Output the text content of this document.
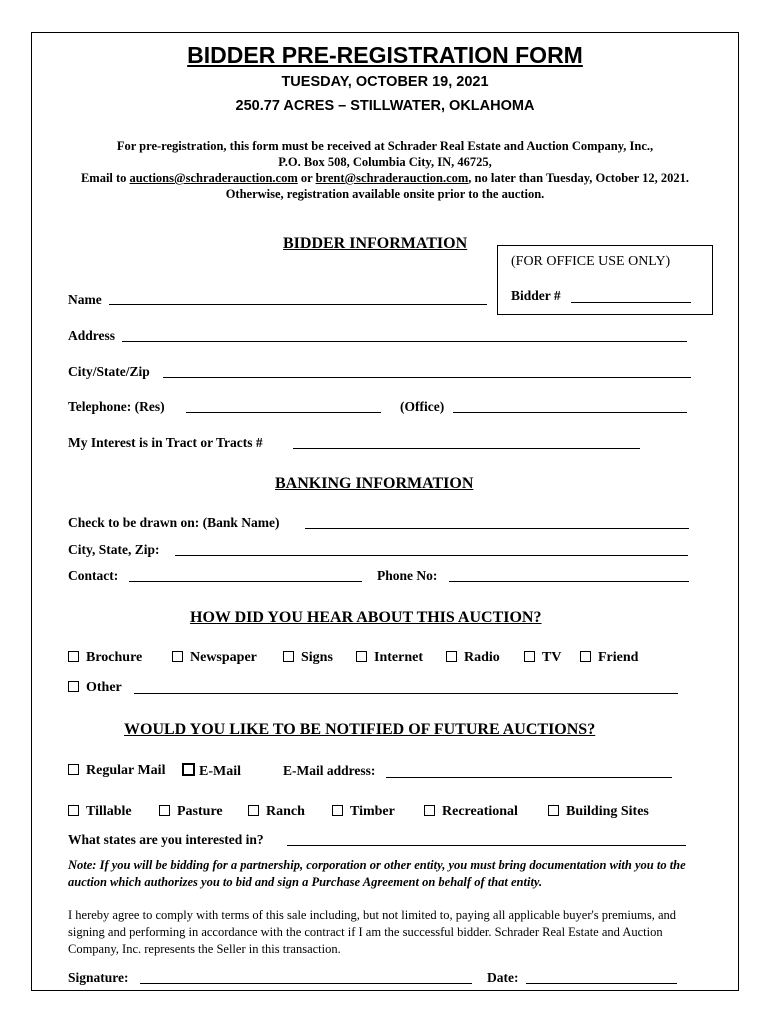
BIDDER PRE-REGISTRATION FORM
TUESDAY, OCTOBER 19, 2021
250.77 ACRES – STILLWATER, OKLAHOMA
For pre-registration, this form must be received at Schrader Real Estate and Auction Company, Inc.,
P.O. Box 508, Columbia City, IN, 46725,
Email to auctions@schraderauction.com or brent@schraderauction.com, no later than Tuesday, October 12, 2021.
Otherwise, registration available onsite prior to the auction.
BIDDER INFORMATION
(FOR OFFICE USE ONLY)
Bidder #
Name
Address
City/State/Zip
Telephone: (Res)	(Office)
My Interest is in Tract or Tracts #
BANKING INFORMATION
Check to be drawn on: (Bank Name)
City, State, Zip:
Contact:	Phone No:
HOW DID YOU HEAR ABOUT THIS AUCTION?
Brochure	Newspaper	Signs	Internet	Radio	TV	Friend
Other
WOULD YOU LIKE TO BE NOTIFIED OF FUTURE AUCTIONS?
Regular Mail	E-Mail	E-Mail address:
Tillable	Pasture	Ranch	Timber	Recreational	Building Sites
What states are you interested in?
Note: If you will be bidding for a partnership, corporation or other entity, you must bring documentation with you to the auction which authorizes you to bid and sign a Purchase Agreement on behalf of that entity.
I hereby agree to comply with terms of this sale including, but not limited to, paying all applicable buyer's premiums, and signing and performing in accordance with the contract if I am the successful bidder. Schrader Real Estate and Auction Company, Inc. represents the Seller in this transaction.
Signature:	Date:
